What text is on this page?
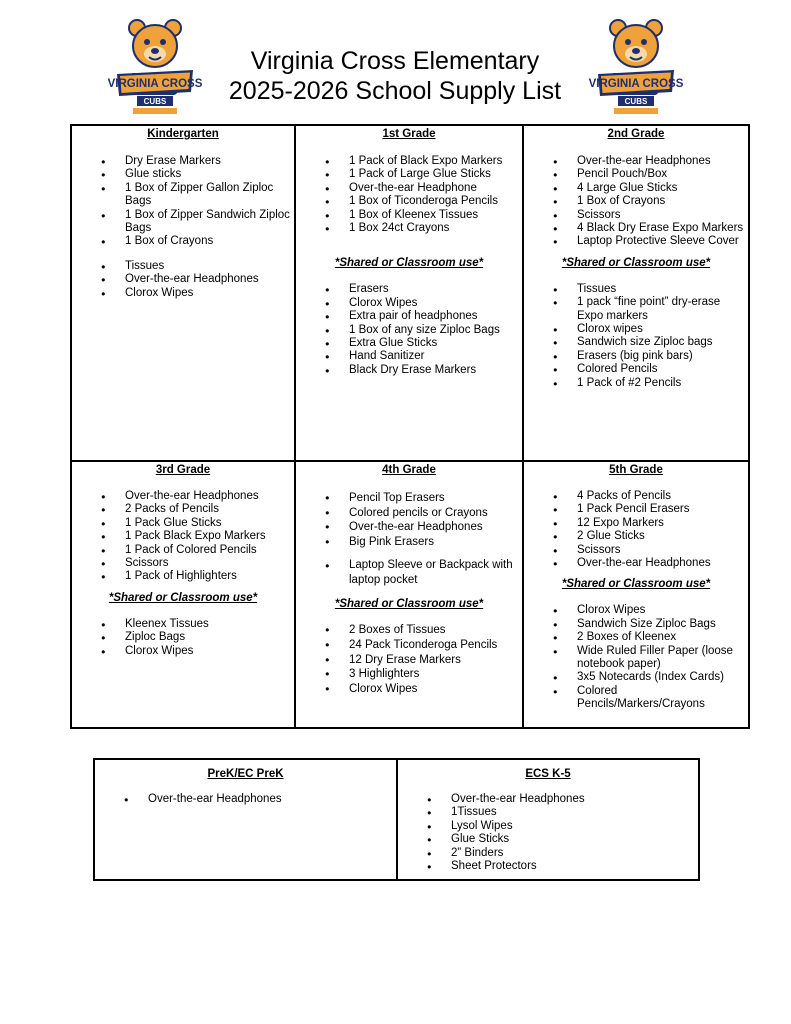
VIRGINIA CROSS
CUBS
Virginia Cross Elementary
2025-2026 School Supply List	VIRGINIA CROSS
CUBS
Kindergarten
● Dry Erase Markers
● Glue sticks
● 1 Box of Zipper Gallon Ziploc Bags
● 1 Box of Zipper Sandwich Ziploc Bags
● 1 Box of Crayons
● Tissues
● Over-the-ear Headphones
● Clorox Wipes
1st Grade
● 1 Pack of Black Expo Markers
● 1 Pack of Large Glue Sticks
● Over-the-ear Headphone
● 1 Box of Ticonderoga Pencils
● 1 Box of Kleenex Tissues
● 1 Box 24ct Crayons
*Shared or Classroom use*
● Erasers
● Clorox Wipes
● Extra pair of headphones
● 1 Box of any size Ziploc Bags
● Extra Glue Sticks
● Hand Sanitizer
● Black Dry Erase Markers
2nd Grade
● Over-the-ear Headphones
● Pencil Pouch/Box
● 4 Large Glue Sticks
● 1 Box of Crayons
● Scissors
● 4 Black Dry Erase Expo Markers
● Laptop Protective Sleeve Cover
*Shared or Classroom use*
● Tissues
● 1 pack “fine point” dry-erase Expo markers
● Clorox wipes
● Sandwich size Ziploc bags
● Erasers (big pink bars)
● Colored Pencils
● 1 Pack of #2 Pencils
3rd Grade
● Over-the-ear Headphones
● 2 Packs of Pencils
● 1 Pack Glue Sticks
● 1 Pack Black Expo Markers
● 1 Pack of Colored Pencils
● Scissors
● 1 Pack of Highlighters
*Shared or Classroom use*
● Kleenex Tissues
● Ziploc Bags
● Clorox Wipes
4th Grade
● Pencil Top Erasers
● Colored pencils or Crayons
● Over-the-ear Headphones
● Big Pink Erasers
● Laptop Sleeve or Backpack with laptop pocket
*Shared or Classroom use*
● 2 Boxes of Tissues
● 24 Pack Ticonderoga Pencils
● 12 Dry Erase Markers
● 3 Highlighters
● Clorox Wipes
5th Grade
● 4 Packs of Pencils
● 1 Pack Pencil Erasers
● 12 Expo Markers
● 2 Glue Sticks
● Scissors
● Over-the-ear Headphones
*Shared or Classroom use*
● Clorox Wipes
● Sandwich Size Ziploc Bags
● 2 Boxes of Kleenex
● Wide Ruled Filler Paper (loose notebook paper)
● 3x5 Notecards (Index Cards)
● Colored Pencils/Markers/Crayons
PreK/EC PreK
● Over-the-ear Headphones
ECS K-5
● Over-the-ear Headphones
● 1Tissues
● Lysol Wipes
● Glue Sticks
● 2” Binders
● Sheet Protectors
